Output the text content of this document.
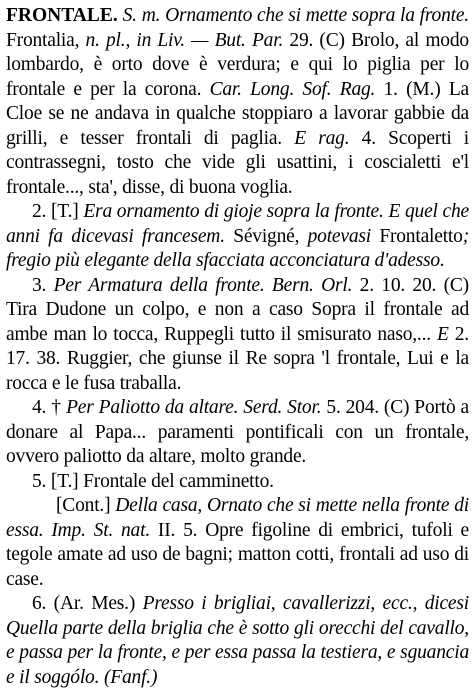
FRONTALE. S. m. Ornamento che si mette sopra la fronte. Frontalia, n. pl., in Liv. — But. Par. 29. (C) Brolo, al modo lombardo, è orto dove è verdura; e qui lo piglia per lo frontale e per la corona. Car. Long. Sof. Rag. 1. (M.) La Cloe se ne andava in qualche stoppiaro a lavorar gabbie da grilli, e tesser frontali di paglia. E rag. 4. Scoperti i contrassegni, tosto che vide gli usattini, i coscialetti e'l frontale..., sta', disse, di buona voglia.

2. [T.] Era ornamento di gioje sopra la fronte. E quel che anni fa dicevasi francesem. Sévigné, potevasi Frontaletto; fregio più elegante della sfacciata acconciatura d'adesso.

3. Per Armatura della fronte. Bern. Orl. 2. 10. 20. (C) Tira Dudone un colpo, e non a caso Sopra il frontale ad ambe man lo tocca, Ruppegli tutto il smisurato naso,... E 2. 17. 38. Ruggier, che giunse il Re sopra 'l frontale, Lui e la rocca e le fusa traballa.

4. † Per Paliotto da altare. Serd. Stor. 5. 204. (C) Portò a donare al Papa... paramenti pontificali con un frontale, ovvero paliotto da altare, molto grande.

5. [T.] Frontale del camminetto.

[Cont.] Della casa, Ornato che si mette nella fronte di essa. Imp. St. nat. II. 5. Opre figoline di embrici, tufoli e tegole amate ad uso de bagni; matton cotti, frontali ad uso di case.

6. (Ar. Mes.) Presso i brigliai, cavallerizzi, ecc., dicesi Quella parte della briglia che è sotto gli orecchi del cavallo, e passa per la fronte, e per essa passa la testiera, e sguancia e il soggólo. (Fanf.)
